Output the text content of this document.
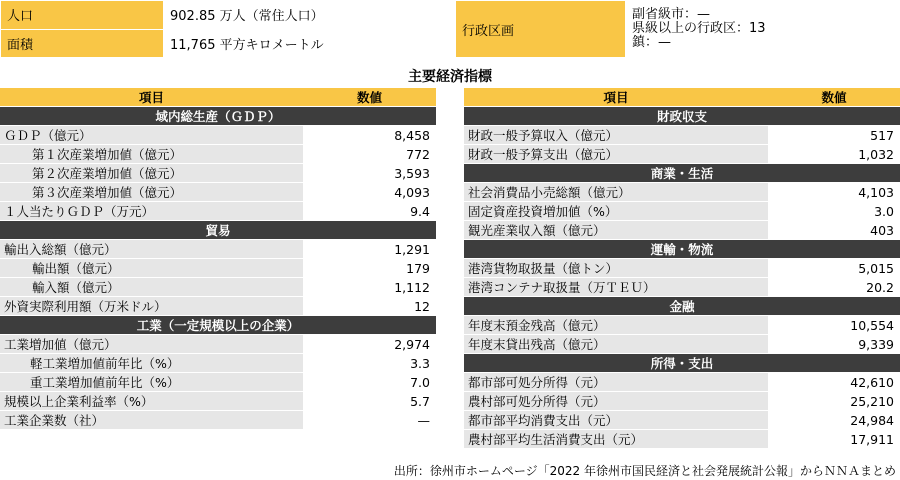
人口	902.85 万人（常住人口）	行政区画	副省級市：—
県級以上の行政区：13
鎮：—

面積	11,765 平方キロメートル		
主要経済指標
項目	数値
域内総生産（ＧＤＰ）	
ＧＤＰ（億元）	8,458
第１次産業増加値（億元）	772
第２次産業増加値（億元）	3,593
第３次産業増加値（億元）	4,093
１人当たりＧＤＰ（万元）	9.4
貿易	
輸出入総額（億元）	1,291
輸出額（億元）	179
輸入額（億元）	1,112
外資実際利用額（万米ドル）	12
工業（一定規模以上の企業）	
工業増加値（億元）	2,974
軽工業増加値前年比（%）	3.3
重工業増加値前年比（%）	7.0
規模以上企業利益率（%）	5.7
工業企業数（社）	—
項目	数値
財政収支	
財政一般予算収入（億元）	517
財政一般予算支出（億元）	1,032
商業・生活	
社会消費品小売総額（億元）	4,103
固定資産投資増加値（%）	3.0
観光産業収入額（億元）	403
運輸・物流	
港湾貨物取扱量（億トン）	5,015
港湾コンテナ取扱量（万ＴＥＵ）	20.2
金融	
年度末預金残高（億元）	10,554
年度末貸出残高（億元）	9,339
所得・支出	
都市部可処分所得（元）	42,610
農村部可処分所得（元）	25,210
都市部平均消費支出（元）	24,984
農村部平均生活消費支出（元）	17,911
出所：徐州市ホームページ「2022 年徐州市国民経済と社会発展統計公報」からＮＮＡまとめ
